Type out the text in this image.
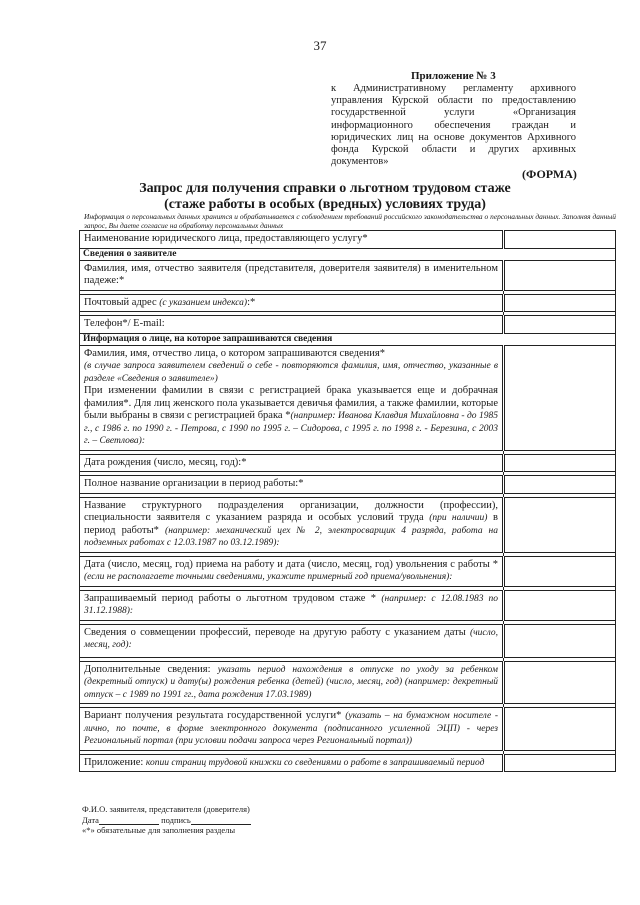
37
Приложение № 3
к Административному регламенту архивного управления Курской области по предоставлению государственной услуги «Организация информационного обеспечения граждан и юридических лиц на основе документов Архивного фонда Курской области и других архивных документов»
(ФОРМА)
Запрос для получения справки о льготном трудовом стаже
(стаже работы в особых (вредных) условиях труда)
Информация о персональных данных хранится и обрабатывается с соблюдением требований российского законодательства о персональных данных. Заполняя данный запрос, Вы даете согласие на обработку персональных данных
Наименование юридического лица, предоставляющего услугу*	
Сведения о заявителе	
Фамилия, имя, отчество заявителя (представителя, доверителя заявителя) в именительном падеже:*	

Почтовый адрес (с указанием индекса):*	

Телефон*/ E-mail:	
Информация о лице, на которое запрашиваются сведения	
Фамилия, имя, отчество лица, о котором запрашиваются сведения*
(в случае запроса заявителем сведений о себе - повторяются фамилия, имя, отчество, указанные в разделе «Сведения о заявителе»)
При изменении фамилии в связи с регистрацией брака указывается еще и добрачная фамилия*. Для лиц женского пола указывается девичья фамилия, а также фамилии, которые были выбраны в связи с регистрацией брака *(например: Иванова Клавдия Михайловна - до 1985 г., с 1986 г. по 1990 г. - Петрова, с 1990 по 1995 г. – Сидорова, с 1995 г. по 1998 г. - Березина, с 2003 г. – Светлова):	

Дата рождения (число, месяц, год):*	

Полное название организации в период работы:*	

Название структурного подразделения организации, должности (профессии), специальности заявителя с указанием разряда и особых условий труда (при наличии) в период работы* (например: механический цех № 2, электросварщик 4 разряда, работа на подземных работах с 12.03.1987 по 03.12.1989):	

Дата (число, месяц, год) приема на работу и дата (число, месяц, год) увольнения с работы * (если не располагаете точными сведениями, укажите примерный год приема/увольнения):	

Запрашиваемый период работы о льготном трудовом стаже * (например: с 12.08.1983 по 31.12.1988):	

Сведения о совмещении профессий, переводе на другую работу с указанием даты (число, месяц, год):	

Дополнительные сведения: указать период нахождения в отпуске по уходу за ребенком (декретный отпуск) и дату(ы) рождения ребенка (детей) (число, месяц, год) (например: декретный отпуск – с 1989 по 1991 гг., дата рождения 17.03.1989)	

Вариант получения результата государственной услуги* (указать – на бумажном носителе - лично, по почте, в форме электронного документа (подписанного усиленной ЭЦП) - через Региональный портал (при условии подачи запроса через Региональный портал))	

Приложение: копии страниц трудовой книжки со сведениями о работе в запрашиваемый период	
Ф.И.О. заявителя, представителя (доверителя)
Дата	подпись
«*» обязательные для заполнения разделы
